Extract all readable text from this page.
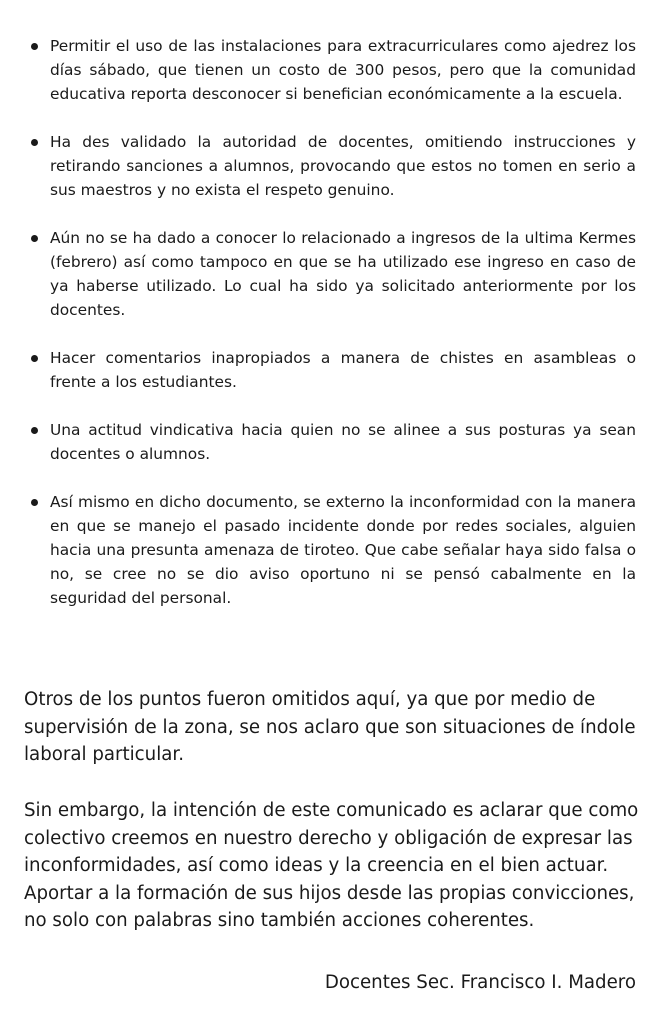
Permitir el uso de las instalaciones para extracurriculares como ajedrez los días sábado, que tienen un costo de 300 pesos, pero que la comunidad educativa reporta desconocer si benefician económicamente a la escuela.
Ha des validado la autoridad de docentes, omitiendo instrucciones y retirando sanciones a alumnos, provocando que estos no tomen en serio a sus maestros y no exista el respeto genuino.
Aún no se ha dado a conocer lo relacionado a ingresos de la ultima Kermes (febrero) así como tampoco en que se ha utilizado ese ingreso en caso de ya haberse utilizado. Lo cual ha sido ya solicitado anteriormente por los docentes.
Hacer comentarios inapropiados a manera de chistes en asambleas o frente a los estudiantes.
Una actitud vindicativa hacia quien no se alinee a sus posturas ya sean docentes o alumnos.
Así mismo en dicho documento, se externo la inconformidad con la manera en que se manejo el pasado incidente donde por redes sociales, alguien hacia una presunta amenaza de tiroteo. Que cabe señalar haya sido falsa o no, se cree no se dio aviso oportuno ni se pensó cabalmente en la seguridad del personal.

Otros de los puntos fueron omitidos aquí, ya que por medio de supervisión de la zona, se nos aclaro que son situaciones de índole laboral particular.

Sin embargo, la intención de este comunicado es aclarar que como colectivo creemos en nuestro derecho y obligación de expresar las inconformidades, así como ideas y la creencia en el bien actuar. Aportar a la formación de sus hijos desde las propias convicciones, no solo con palabras sino también acciones coherentes.

Docentes Sec. Francisco I. Madero
